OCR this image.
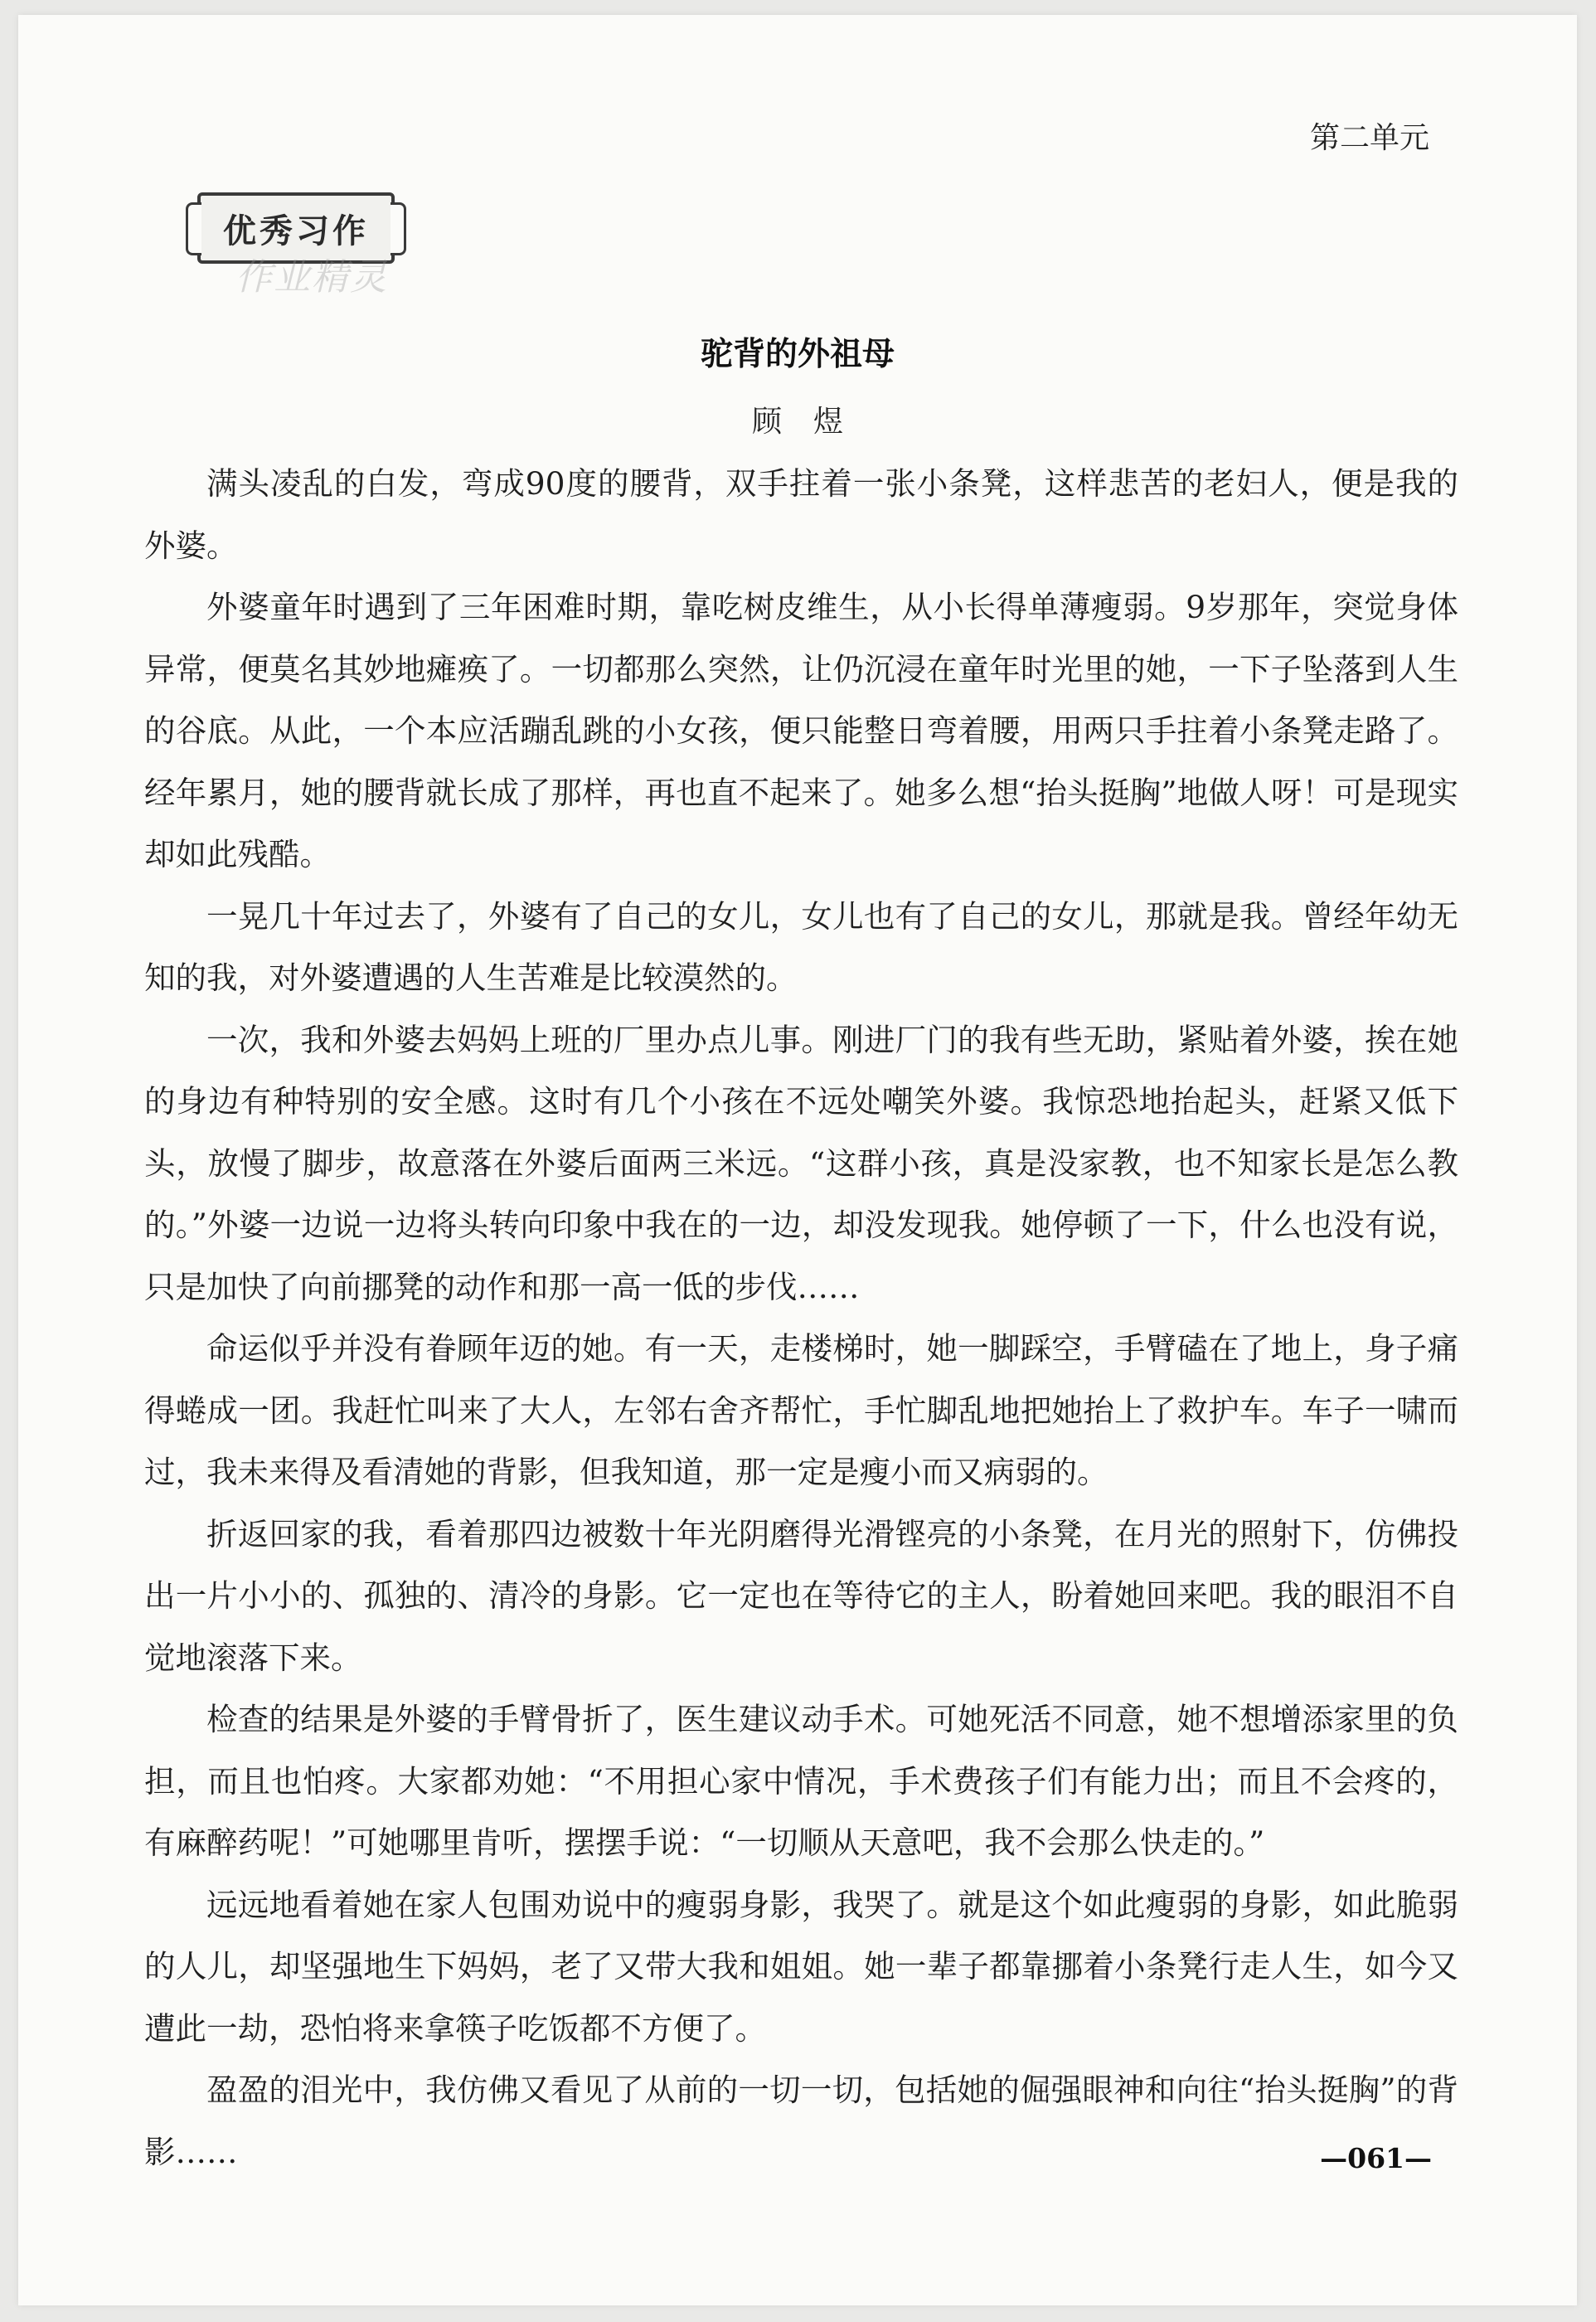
第二单元
优秀习作
作业精灵
驼背的外祖母
顾煜

满头凌乱的白发，弯成90度的腰背，双手拄着一张小条凳，这样悲苦的老妇人，便是我的外婆。

外婆童年时遇到了三年困难时期，靠吃树皮维生，从小长得单薄瘦弱。9岁那年，突觉身体异常，便莫名其妙地瘫痪了。一切都那么突然，让仍沉浸在童年时光里的她，一下子坠落到人生的谷底。从此，一个本应活蹦乱跳的小女孩，便只能整日弯着腰，用两只手拄着小条凳走路了。经年累月，她的腰背就长成了那样，再也直不起来了。她多么想“抬头挺胸”地做人呀！可是现实却如此残酷。

一晃几十年过去了，外婆有了自己的女儿，女儿也有了自己的女儿，那就是我。曾经年幼无知的我，对外婆遭遇的人生苦难是比较漠然的。

一次，我和外婆去妈妈上班的厂里办点儿事。刚进厂门的我有些无助，紧贴着外婆，挨在她的身边有种特别的安全感。这时有几个小孩在不远处嘲笑外婆。我惊恐地抬起头，赶紧又低下头，放慢了脚步，故意落在外婆后面两三米远。“这群小孩，真是没家教，也不知家长是怎么教的。”外婆一边说一边将头转向印象中我在的一边，却没发现我。她停顿了一下，什么也没有说，只是加快了向前挪凳的动作和那一高一低的步伐……

命运似乎并没有眷顾年迈的她。有一天，走楼梯时，她一脚踩空，手臂磕在了地上，身子痛得蜷成一团。我赶忙叫来了大人，左邻右舍齐帮忙，手忙脚乱地把她抬上了救护车。车子一啸而过，我未来得及看清她的背影，但我知道，那一定是瘦小而又病弱的。

折返回家的我，看着那四边被数十年光阴磨得光滑铿亮的小条凳，在月光的照射下，仿佛投出一片小小的、孤独的、清冷的身影。它一定也在等待它的主人，盼着她回来吧。我的眼泪不自觉地滚落下来。

检查的结果是外婆的手臂骨折了，医生建议动手术。可她死活不同意，她不想增添家里的负担，而且也怕疼。大家都劝她：“不用担心家中情况，手术费孩子们有能力出；而且不会疼的，有麻醉药呢！”可她哪里肯听，摆摆手说：“一切顺从天意吧，我不会那么快走的。”

远远地看着她在家人包围劝说中的瘦弱身影，我哭了。就是这个如此瘦弱的身影，如此脆弱的人儿，却坚强地生下妈妈，老了又带大我和姐姐。她一辈子都靠挪着小条凳行走人生，如今又遭此一劫，恐怕将来拿筷子吃饭都不方便了。

盈盈的泪光中，我仿佛又看见了从前的一切一切，包括她的倔强眼神和向往“抬头挺胸”的背影……	—061—
